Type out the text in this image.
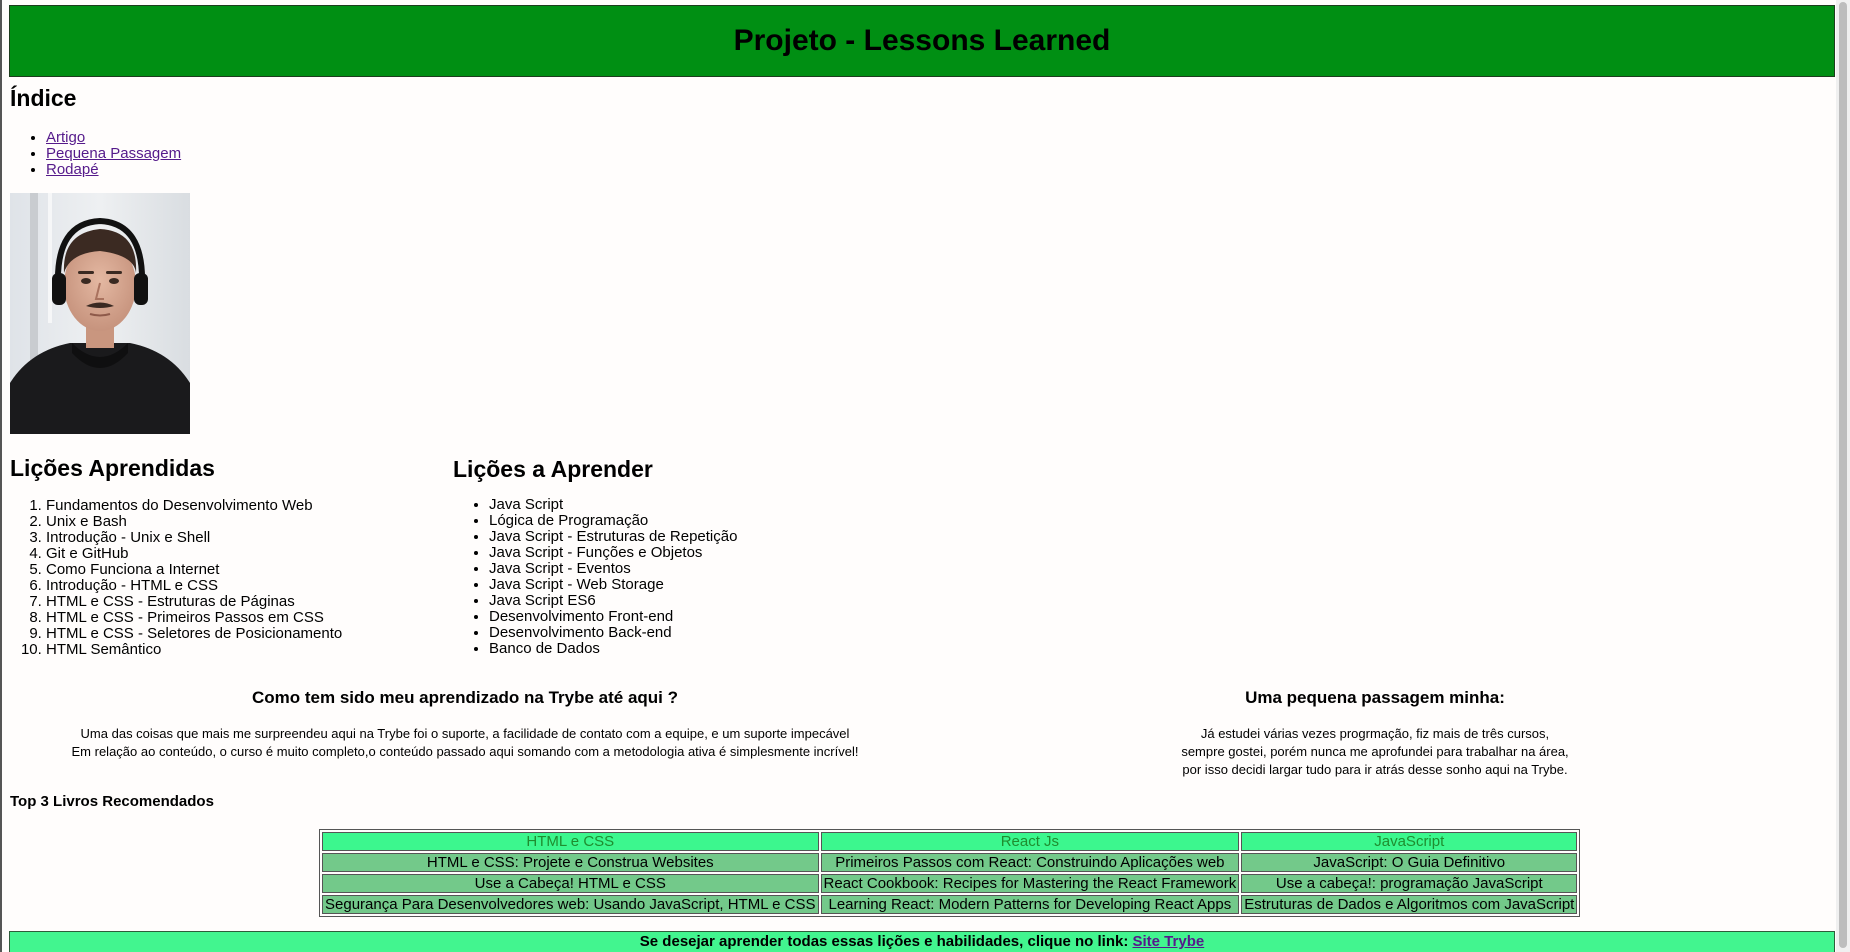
Projeto - Lessons Learned
Índice
• Artigo
• Pequena Passagem
• Rodapé
Lições Aprendidas
1. Fundamentos do Desenvolvimento Web
2. Unix e Bash
3. Introdução - Unix e Shell
4. Git e GitHub
5. Como Funciona a Internet
6. Introdução - HTML e CSS
7. HTML e CSS - Estruturas de Páginas
8. HTML e CSS - Primeiros Passos em CSS
9. HTML e CSS - Seletores de Posicionamento
10. HTML Semântico
Lições a Aprender
• Java Script
• Lógica de Programação
• Java Script - Estruturas de Repetição
• Java Script - Funções e Objetos
• Java Script - Eventos
• Java Script - Web Storage
• Java Script ES6
• Desenvolvimento Front-end
• Desenvolvimento Back-end
• Banco de Dados
Como tem sido meu aprendizado na Trybe até aqui ?

Uma das coisas que mais me surpreendeu aqui na Trybe foi o suporte, a facilidade de contato com a equipe, e um suporte impecável
Em relação ao conteúdo, o curso é muito completo,o conteúdo passado aqui somando com a metodologia ativa é simplesmente incrível!

Uma pequena passagem minha:

Já estudei várias vezes progrmação, fiz mais de três cursos,
sempre gostei, porém nunca me aprofundei para trabalhar na área,
por isso decidi largar tudo para ir atrás desse sonho aqui na Trybe.

Top 3 Livros Recomendados
HTML e CSS	React Js	JavaScript
HTML e CSS: Projete e Construa Websites	Primeiros Passos com React: Construindo Aplicações web	JavaScript: O Guia Definitivo
Use a Cabeça! HTML e CSS	React Cookbook: Recipes for Mastering the React Framework	Use a cabeça!: programação JavaScript
Segurança Para Desenvolvedores web: Usando JavaScript, HTML e CSS	Learning React: Modern Patterns for Developing React Apps	Estruturas de Dados e Algoritmos com JavaScript
Se desejar aprender todas essas lições e habilidades, clique no link: Site Trybe
